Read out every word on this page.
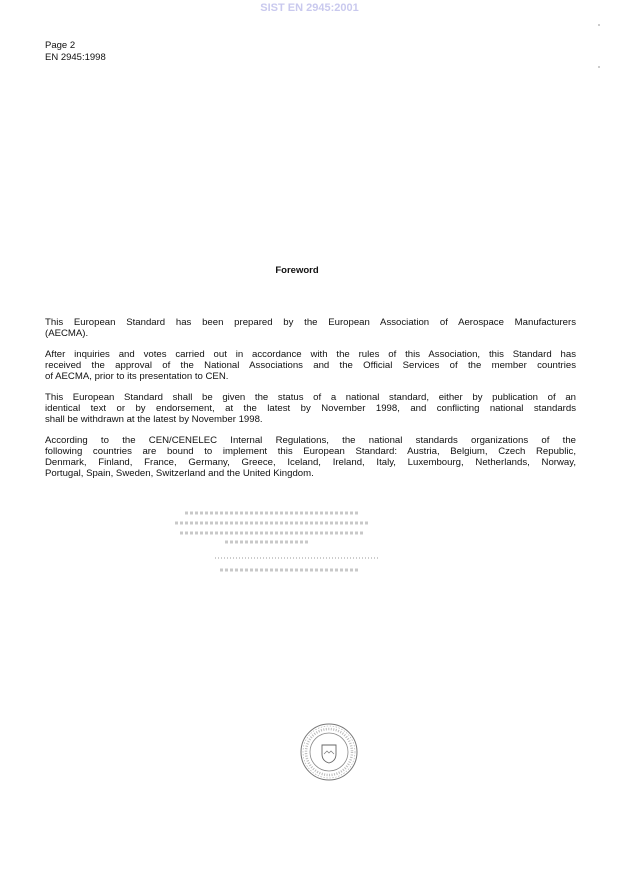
SIST EN 2945:2001
Page 2
EN 2945:1998
Foreword
This European Standard has been prepared by the European Association of Aerospace Manufacturers
(AECMA).
After inquiries and votes carried out in accordance with the rules of this Association, this Standard has
received the approval of the National Associations and the Official Services of the member countries
of AECMA, prior to its presentation to CEN.
This European Standard shall be given the status of a national standard, either by publication of an
identical text or by endorsement, at the latest by November 1998, and conflicting national standards
shall be withdrawn at the latest by November 1998.
According to the CEN/CENELEC Internal Regulations, the national standards organizations of the
following countries are bound to implement this European Standard: Austria, Belgium, Czech Republic,
Denmark, Finland, France, Germany, Greece, Iceland, Ireland, Italy, Luxembourg, Netherlands, Norway,
Portugal, Spain, Sweden, Switzerland and the United Kingdom.
